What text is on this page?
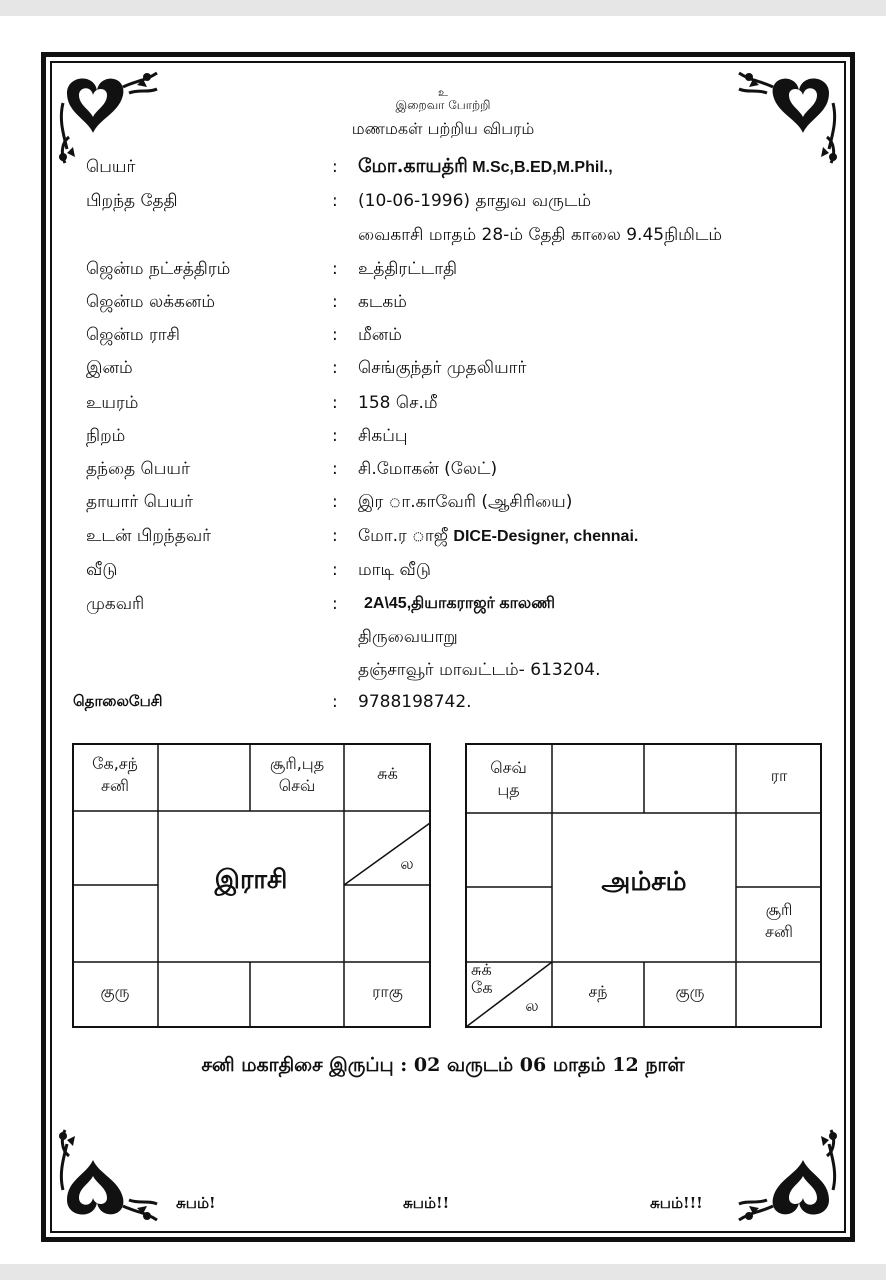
உ
இறைவா போற்றி
மணமகள் பற்றிய விபரம்
பெயர்	: மோ.காயத்ரி M.Sc,B.ED,M.Phil.,
பிறந்த தேதி	: (10-06-1996) தாதுவ வருடம்
வைகாசி மாதம் 28-ம் தேதி காலை 9.45நிமிடம்
ஜென்ம நட்சத்திரம்	: உத்திரட்டாதி
ஜென்ம லக்கனம்	: கடகம்
ஜென்ம ராசி	: மீனம்
இனம்	: செங்குந்தர் முதலியார்
உயரம்	: 158 செ.மீ
நிறம்	: சிகப்பு
தந்தை பெயர்	: சி.மோகன் (லேட்)
தாயார் பெயர்	: இர ா.காவேரி (ஆசிரியை)
உடன் பிறந்தவர்	: மோ.ர ாஜீ DICE-Designer, chennai.
வீடு	: மாடி வீடு
முகவரி	: 2A\45,தியாகராஜர் காலணி
திருவையாறு
தஞ்சாவூர் மாவட்டம்- 613204.
தொலைபேசி	: 9788198742.
கே,சந்
சனி
சூரி,புத
செவ்
சுக்
ல
இராசி
குரு	ராகு
செவ்
புத
ரா
சூரி
சனி
அம்சம்
சுக்
கே
ல
சந்	குரு
சனி மகாதிசை இருப்பு : 02 வருடம் 06 மாதம் 12 நாள்
சுபம்!	சுபம்!!	சுபம்!!!
